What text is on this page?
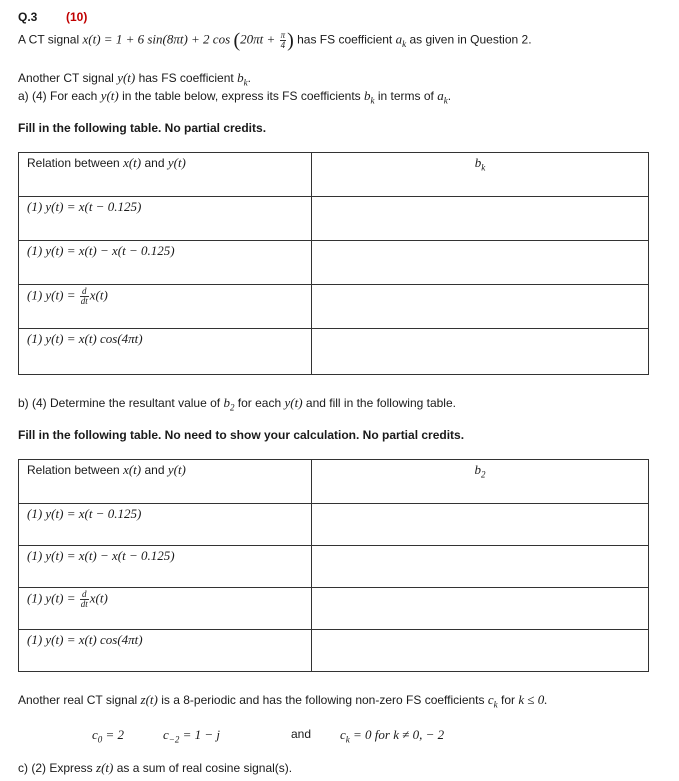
Q.3 (10)
A CT signal x(t) = 1 + 6 sin(8πt) + 2 $\cos (20\pi t + \frac{\pi}{4}$ ) has FS coefficient $a_k$ as given in Question 2.
Another CT signal y(t) has FS coefficient $b_k$.
a) (4) For each y(t) in the table below, express its FS coefficients $b_k$ in terms of $a_k$.
Fill in the following table. No partial credits.
Relation between x(t) and y(t)	$b_k$

(1) y(t) = x(t − 0.125)	

(1) y(t) = x(t) − x(t − 0.125)	

(1) $y(t) = \frac{d}{dt} x(t)$	

(1) y(t) = x(t) cos(4πt)	

b) (4) Determine the resultant value of $b_2$ for each y(t) and fill in the following table.
Fill in the following table. No need to show your calculation. No partial credits.
Relation between x(t) and y(t)	$b_2$

(1) y(t) = x(t − 0.125)	

(1) y(t) = x(t) − x(t − 0.125)	

(1) $y(t) = \frac{d}{dt} x(t)$	

(1) y(t) = x(t) cos(4πt)	

Another real CT signal z(t) is a 8-periodic and has the following non-zero FS coefficients $c_k$ for k ≤ 0.
$c_0 = 2$	$c_{-2} = 1 - j$	and $c_k = 0$ for k ≠ 0, − 2
c) (2) Express z(t) as a sum of real cosine signal(s).
